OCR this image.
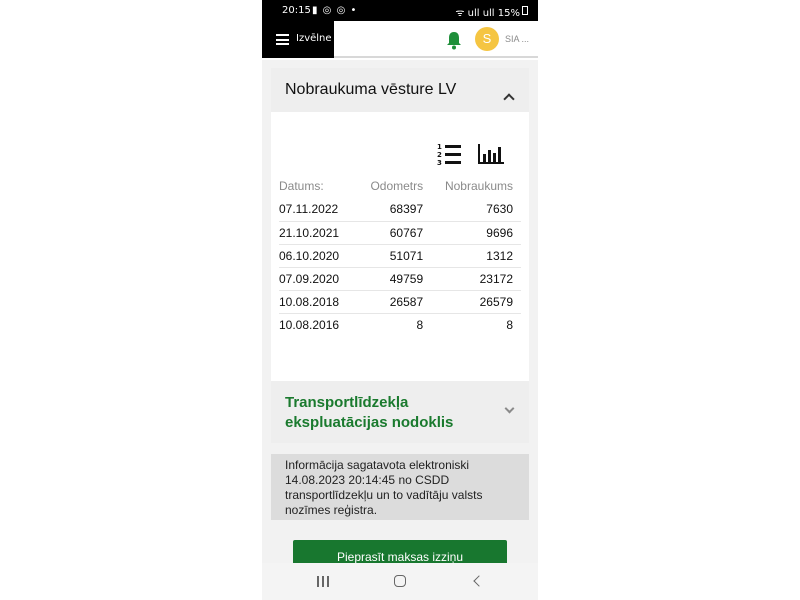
20:15 ▮ ◎ ◎ •	ᯤ ull ull 15%
Izvēlne	S	SIA ...
Nobraukuma vēsture LV
1
2
3
Datums:	Odometrs	Nobraukums
07.11.2022	68397	7630
21.10.2021	60767	9696
06.10.2020	51071	1312
07.09.2020	49759	23172
10.08.2018	26587	26579
10.08.2016	8	8
Transportlīdzekļa ekspluatācijas nodoklis
Informācija sagatavota elektroniski 14.08.2023 20:14:45 no CSDD transportlīdzekļu un to vadītāju valsts nozīmes reģistra.
Pieprasīt maksas izziņu
